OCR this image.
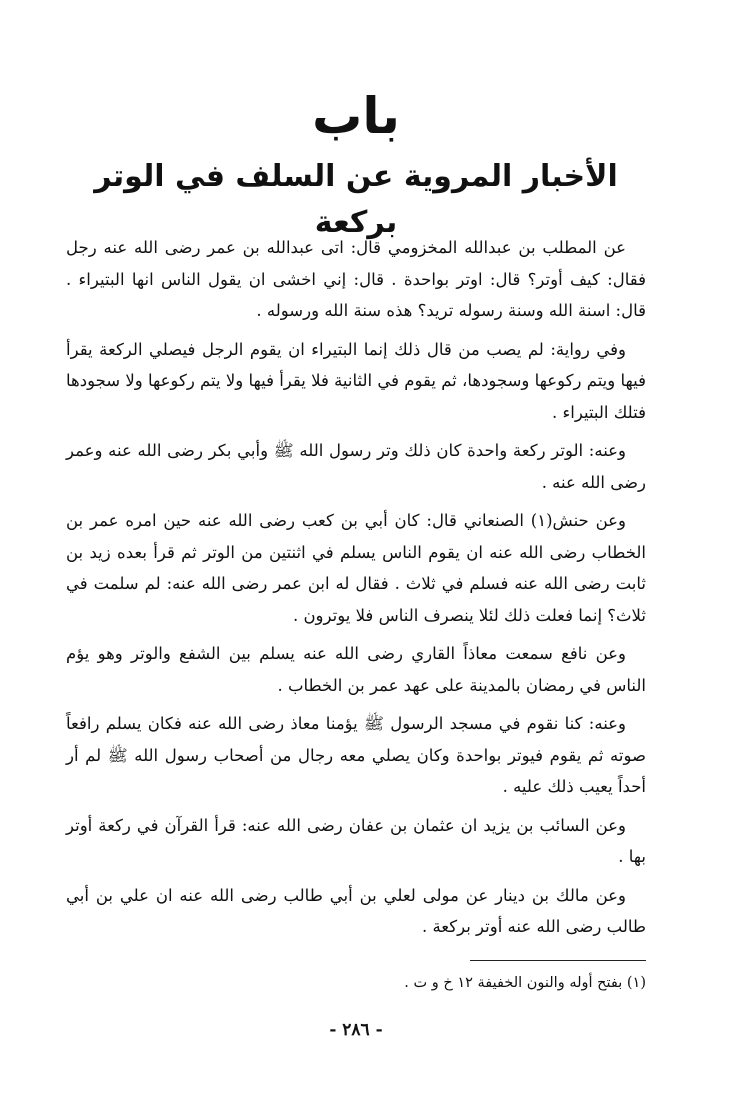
باب
الأخبار المروية عن السلف في الوتر بركعة

عن المطلب بن عبدالله المخزومي قال: اتى عبدالله بن عمر رضى الله عنه رجل فقال: كيف أوتر؟ قال: اوتر بواحدة . قال: إني اخشى ان يقول الناس انها البتيراء . قال: اسنة الله وسنة رسوله تريد؟ هذه سنة الله ورسوله .

وفي رواية: لم يصب من قال ذلك إنما البتيراء ان يقوم الرجل فيصلي الركعة يقرأ فيها ويتم ركوعها وسجودها، ثم يقوم في الثانية فلا يقرأ فيها ولا يتم ركوعها ولا سجودها فتلك البتيراء .

وعنه: الوتر ركعة واحدة كان ذلك وتر رسول الله ﷺ وأبي بكر رضى الله عنه وعمر رضى الله عنه .

وعن حنش(١) الصنعاني قال: كان أبي بن كعب رضى الله عنه حين امره عمر بن الخطاب رضى الله عنه ان يقوم الناس يسلم في اثنتين من الوتر ثم قرأ بعده زيد بن ثابت رضى الله عنه فسلم في ثلاث . فقال له ابن عمر رضى الله عنه: لم سلمت في ثلاث؟ إنما فعلت ذلك لئلا ينصرف الناس فلا يوترون .

وعن نافع سمعت معاذاً القاري رضى الله عنه يسلم بين الشفع والوتر وهو يؤم الناس في رمضان بالمدينة على عهد عمر بن الخطاب .

وعنه: كنا نقوم في مسجد الرسول ﷺ يؤمنا معاذ رضى الله عنه فكان يسلم رافعاً صوته ثم يقوم فيوتر بواحدة وكان يصلي معه رجال من أصحاب رسول الله ﷺ لم أر أحداً يعيب ذلك عليه .

وعن السائب بن يزيد ان عثمان بن عفان رضى الله عنه: قرأ القرآن في ركعة أوتر بها .

وعن مالك بن دينار عن مولى لعلي بن أبي طالب رضى الله عنه ان علي بن أبي طالب رضى الله عنه أوتر بركعة .

(١) بفتح أوله والنون الخفيفة ١٢ خ و ت .
- ٢٨٦ -
